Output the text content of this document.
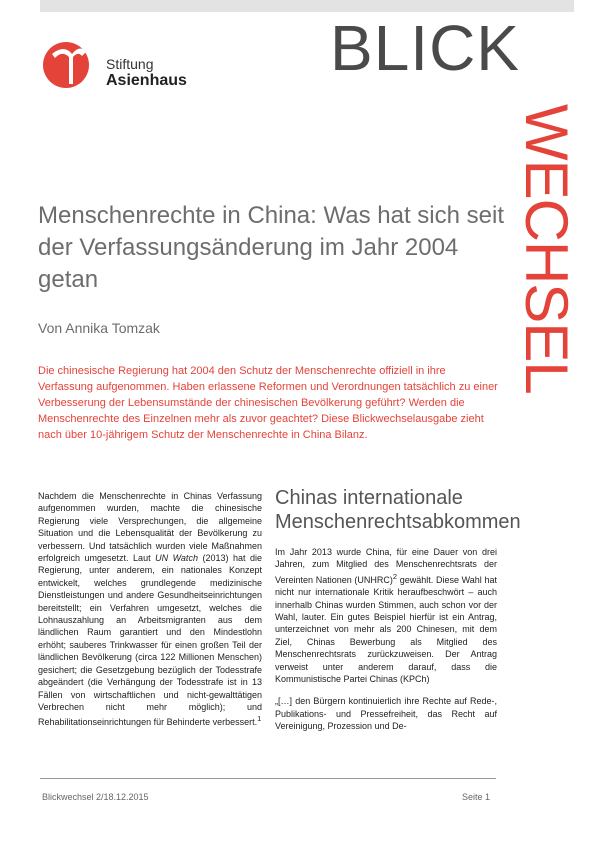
Stiftung
Asienhaus BLICK
WECHSEL
Menschenrechte in China: Was hat sich seit der Verfassungsänderung im Jahr 2004 getan
Von Annika Tomzak

Die chinesische Regierung hat 2004 den Schutz der Menschenrechte offiziell in ihre Verfassung aufgenommen. Haben erlassene Reformen und Verordnungen tatsächlich zu einer Verbesserung der Lebensumstände der chinesischen Bevölkerung geführt? Werden die Menschenrechte des Einzelnen mehr als zuvor geachtet? Diese Blickwechselausgabe zieht nach über 10-jährigem Schutz der Menschenrechte in China Bilanz.

Nachdem die Menschenrechte in Chinas Verfassung aufgenommen wurden, machte die chinesische Regierung viele Versprechungen, die allgemeine Situation und die Lebensqualität der Bevölkerung zu verbessern. Und tatsächlich wurden viele Maßnahmen erfolgreich umgesetzt. Laut UN Watch (2013) hat die Regierung, unter anderem, ein nationales Konzept entwickelt, welches grundlegende medizinische Dienstleistungen und andere Gesundheitseinrichtungen bereitstellt; ein Verfahren umgesetzt, welches die Lohnauszahlung an Arbeitsmigranten aus dem ländlichen Raum garantiert und den Mindestlohn erhöht; sauberes Trinkwasser für einen großen Teil der ländlichen Bevölkerung (circa 122 Millionen Menschen) gesichert; die Gesetzgebung bezüglich der Todesstrafe abgeändert (die Verhängung der Todesstrafe ist in 13 Fällen von wirtschaftlichen und nicht-gewalttätigen Verbrechen nicht mehr möglich); und Rehabilitationseinrichtungen für Behinderte verbessert.$^1$

Chinas internationale Menschenrechtsabkommen

Im Jahr 2013 wurde China, für eine Dauer von drei Jahren, zum Mitglied des Menschenrechtsrats der Vereinten Nationen (UNHRC)$^2$ gewählt. Diese Wahl hat nicht nur internationale Kritik heraufbeschwört – auch innerhalb Chinas wurden Stimmen, auch schon vor der Wahl, lauter. Ein gutes Beispiel hierfür ist ein Antrag, unterzeichnet von mehr als 200 Chinesen, mit dem Ziel, Chinas Bewerbung als Mitglied des Menschenrechtsrats zurückzuweisen. Der Antrag verweist unter anderem darauf, dass die Kommunistische Partei Chinas (KPCh)

„[…] den Bürgern kontinuierlich ihre Rechte auf Rede-, Publikations- und Pressefreiheit, das Recht auf Vereinigung, Prozession und De-

Blickwechsel 2/18.12.2015	Seite 1
